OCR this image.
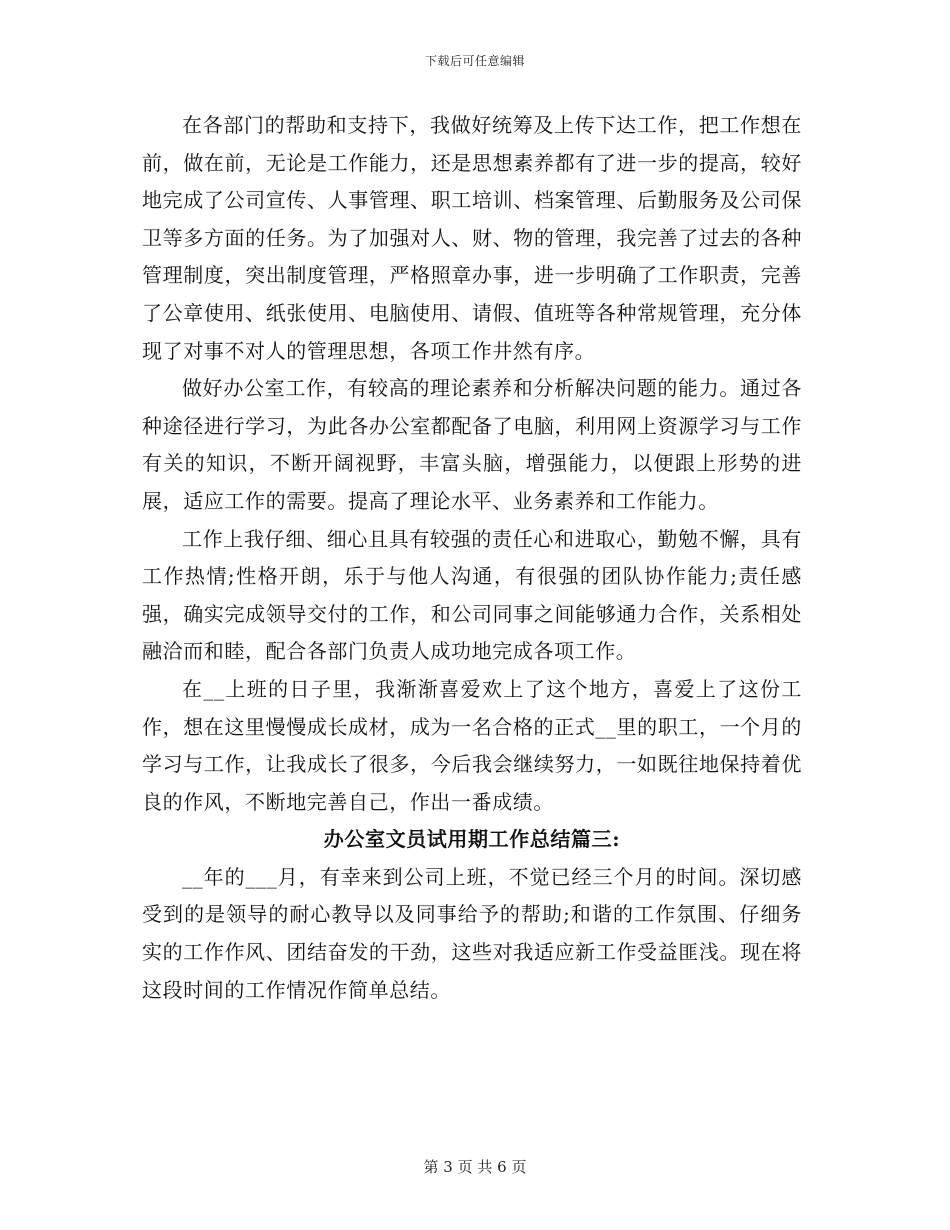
下载后可任意编辑

在各部门的帮助和支持下，我做好统筹及上传下达工作，把工作想在前，做在前，无论是工作能力，还是思想素养都有了进一步的提高，较好地完成了公司宣传、人事管理、职工培训、档案管理、后勤服务及公司保卫等多方面的任务。为了加强对人、财、物的管理，我完善了过去的各种管理制度，突出制度管理，严格照章办事，进一步明确了工作职责，完善了公章使用、纸张使用、电脑使用、请假、值班等各种常规管理，充分体现了对事不对人的管理思想，各项工作井然有序。

做好办公室工作，有较高的理论素养和分析解决问题的能力。通过各种途径进行学习，为此各办公室都配备了电脑，利用网上资源学习与工作有关的知识，不断开阔视野，丰富头脑，增强能力，以便跟上形势的进展，适应工作的需要。提高了理论水平、业务素养和工作能力。

工作上我仔细、细心且具有较强的责任心和进取心，勤勉不懈，具有工作热情;性格开朗，乐于与他人沟通，有很强的团队协作能力;责任感强，确实完成领导交付的工作，和公司同事之间能够通力合作，关系相处融洽而和睦，配合各部门负责人成功地完成各项工作。

在__上班的日子里，我渐渐喜爱欢上了这个地方，喜爱上了这份工作，想在这里慢慢成长成材，成为一名合格的正式__里的职工，一个月的学习与工作，让我成长了很多，今后我会继续努力，一如既往地保持着优良的作风，不断地完善自己，作出一番成绩。

办公室文员试用期工作总结篇三:

__年的___月，有幸来到公司上班，不觉已经三个月的时间。深切感受到的是领导的耐心教导以及同事给予的帮助;和谐的工作氛围、仔细务实的工作作风、团结奋发的干劲，这些对我适应新工作受益匪浅。现在将这段时间的工作情况作简单总结。

第 3 页 共 6 页
